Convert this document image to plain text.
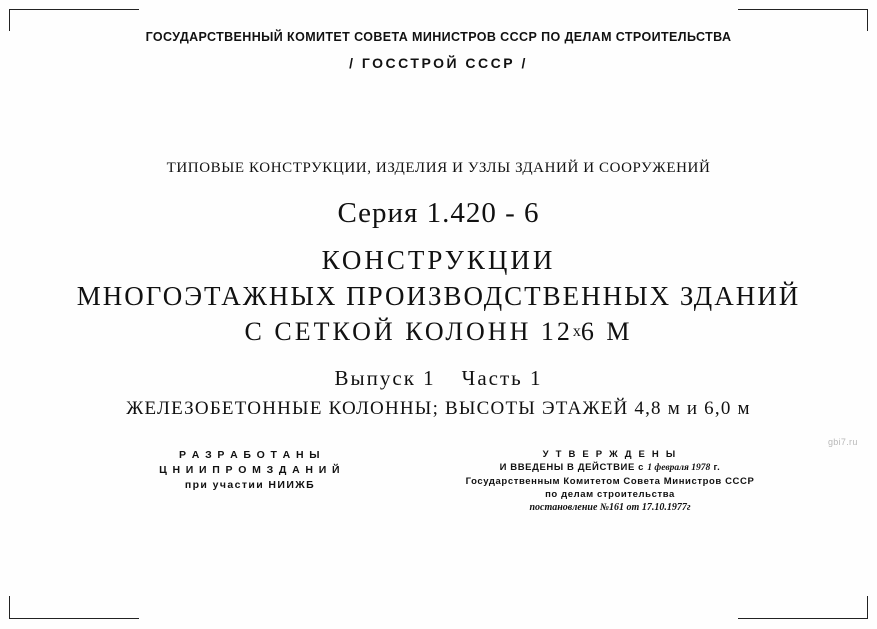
ГОСУДАРСТВЕННЫЙ КОМИТЕТ СОВЕТА МИНИСТРОВ СССР ПО ДЕЛАМ СТРОИТЕЛЬСТВА
/ ГОССТРОЙ СССР /
ТИПОВЫЕ КОНСТРУКЦИИ, ИЗДЕЛИЯ И УЗЛЫ ЗДАНИЙ И СООРУЖЕНИЙ
Серия 1.420 - 6
КОНСТРУКЦИИ
МНОГОЭТАЖНЫХ ПРОИЗВОДСТВЕННЫХ ЗДАНИЙ
С СЕТКОЙ КОЛОНН $12^х6$ М
Выпуск 1 Часть 1
ЖЕЛЕЗОБЕТОННЫЕ КОЛОННЫ; ВЫСОТЫ ЭТАЖЕЙ 4,8 м и 6,0 м
Р А З Р А Б О Т А Н Ы
Ц Н И И П Р О М З Д А Н И Й
при участии НИИЖБ
У Т В Е Р Ж Д Е Н Ы
И ВВЕДЕНЫ В ДЕЙСТВИЕ с 1 февраля 1978 г.
Государственным Комитетом Совета Министров СССР
по делам строительства
постановление №161 от 17.10.1977г
gbi7.ru
